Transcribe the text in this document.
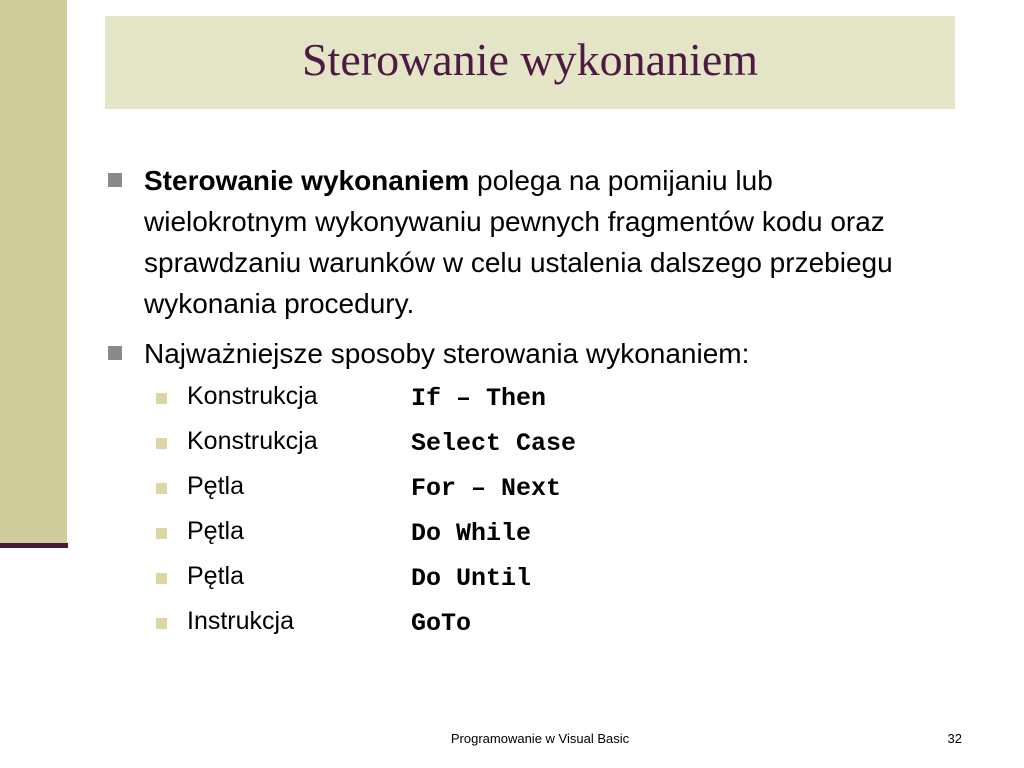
Sterowanie wykonaniem
Sterowanie wykonaniem polega na pomijaniu lub wielokrotnym wykonywaniu pewnych fragmentów kodu oraz sprawdzaniu warunków w celu ustalenia dalszego przebiegu wykonania procedury.
Najważniejsze sposoby sterowania wykonaniem:
Konstrukcja	If – Then
Konstrukcja	Select Case
Pętla	For – Next
Pętla	Do While
Pętla	Do Until
Instrukcja	GoTo
Programowanie w Visual Basic	32
